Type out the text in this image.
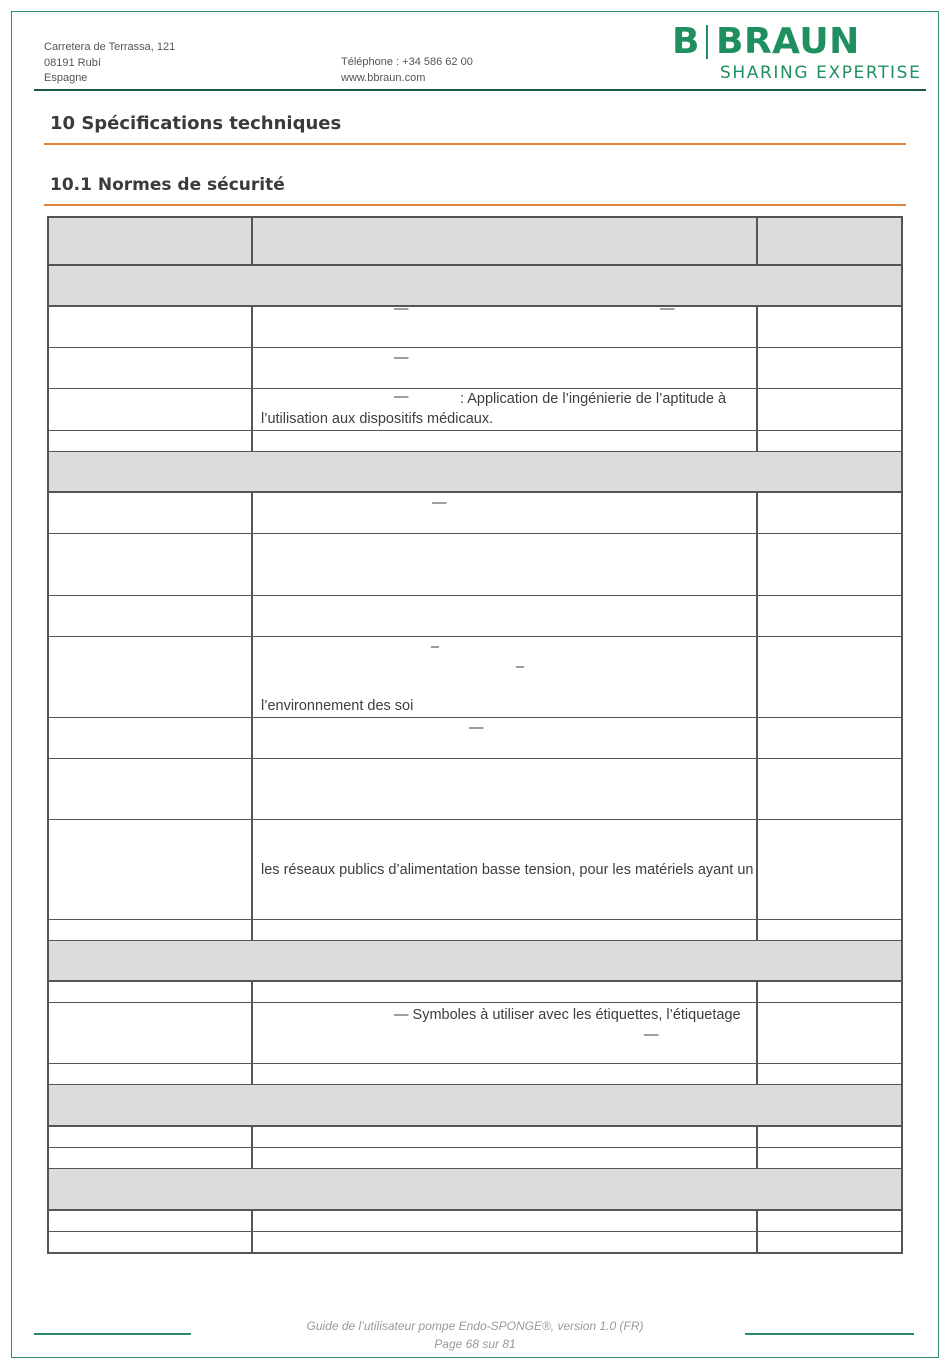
Carretera de Terrassa, 121
08191 Rubí
Espagne
Téléphone : +34 586 62 00
www.bbraun.com
B BRAUN
SHARING EXPERTISE
10 Spécifications techniques
10.1 Normes de sécurité
—	—
—
—	: Application de l’ingénierie de l’aptitude à
l’utilisation aux dispositifs médicaux.
—
–
–
l’environnement des soi
—
les réseaux publics d’alimentation basse tension, pour les matériels ayant un
— Symboles à utiliser avec les étiquettes, l’étiquetage
—
Guide de l’utilisateur pompe Endo-SPONGE®, version 1.0 (FR)
Page 68 sur 81
